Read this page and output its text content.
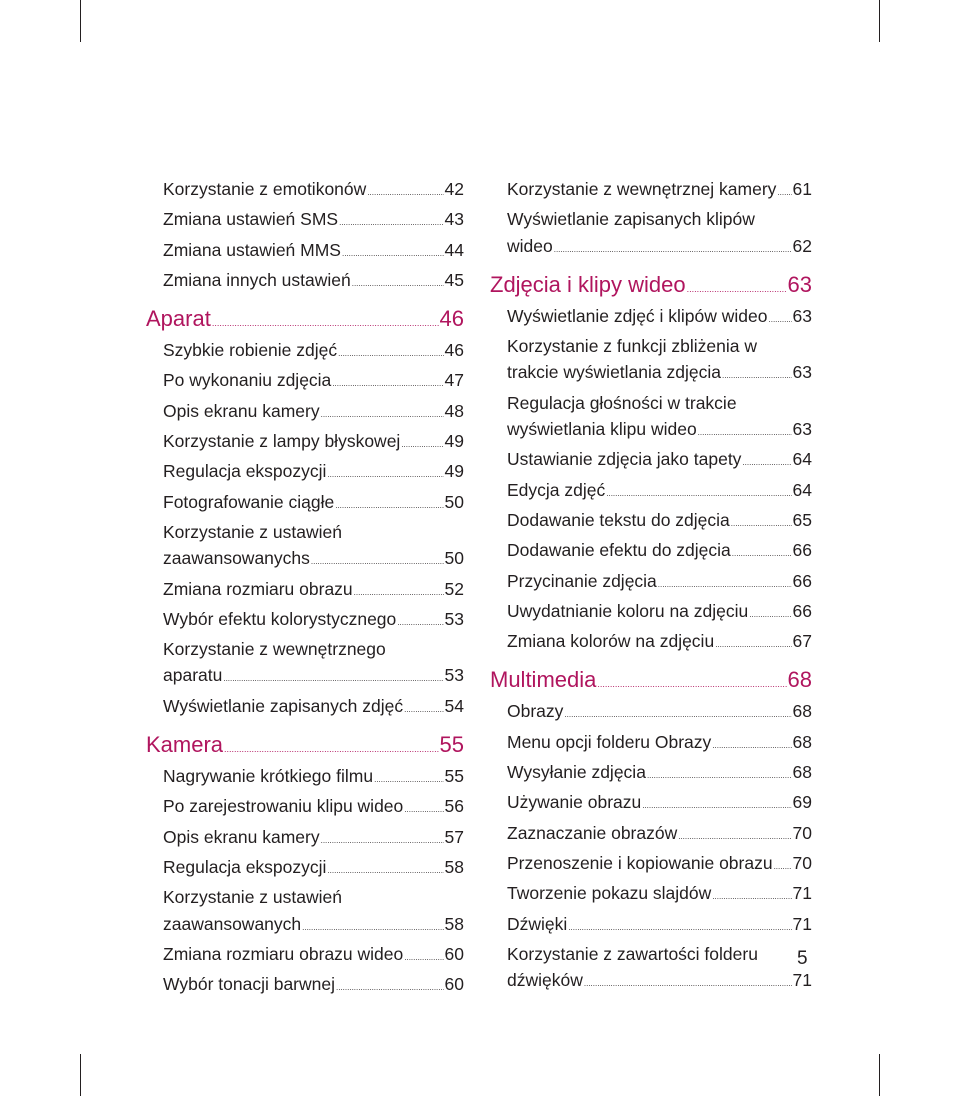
Korzystanie z emotikonów .....	42
Zmiana ustawień SMS .....	43
Zmiana ustawień MMS .....	44
Zmiana innych ustawień .....	45
Aparat .....	46
Szybkie robienie zdjęć .....	46
Po wykonaniu zdjęcia .....	47
Opis ekranu kamery .....	48
Korzystanie z lampy błyskowej .....	49
Regulacja ekspozycji .....	49
Fotografowanie ciągłe .....	50
Korzystanie z ustawień
zaawansowanychs .....	50
Zmiana rozmiaru obrazu .....	52
Wybór efektu kolorystycznego .....	53
Korzystanie z wewnętrznego
aparatu .....	53
Wyświetlanie zapisanych zdjęć ..... 54
Kamera .....	55
Nagrywanie krótkiego filmu .....	55
Po zarejestrowaniu klipu wideo ..... 56
Opis ekranu kamery .....	57
Regulacja ekspozycji .....	58
Korzystanie z ustawień
zaawansowanych .....	58
Zmiana rozmiaru obrazu wideo ..... 60
Wybór tonacji barwnej .....	60
Korzystanie z wewnętrznej kamery ..... 61
Wyświetlanie zapisanych klipów
wideo .....	62
Zdjęcia i klipy wideo .....	63
Wyświetlanie zdjęć i klipów wideo ..... 63
Korzystanie z funkcji zbliżenia w
trakcie wyświetlania zdjęcia .....	63
Regulacja głośności w trakcie
wyświetlania klipu wideo .....	63
Ustawianie zdjęcia jako tapety .....	64
Edycja zdjęć .....	64
Dodawanie tekstu do zdjęcia .....	65
Dodawanie efektu do zdjęcia .....	66
Przycinanie zdjęcia .....	66
Uwydatnianie koloru na zdjęciu .....	66
Zmiana kolorów na zdjęciu .....	67
Multimedia .....	68
Obrazy .....	68
Menu opcji folderu Obrazy .....	68
Wysyłanie zdjęcia .....	68
Używanie obrazu .....	69
Zaznaczanie obrazów .....	70
Przenoszenie i kopiowanie obrazu ..... 70
Tworzenie pokazu slajdów .....	71
Dźwięki .....	71
Korzystanie z zawartości folderu
dźwięków .....	71
5
